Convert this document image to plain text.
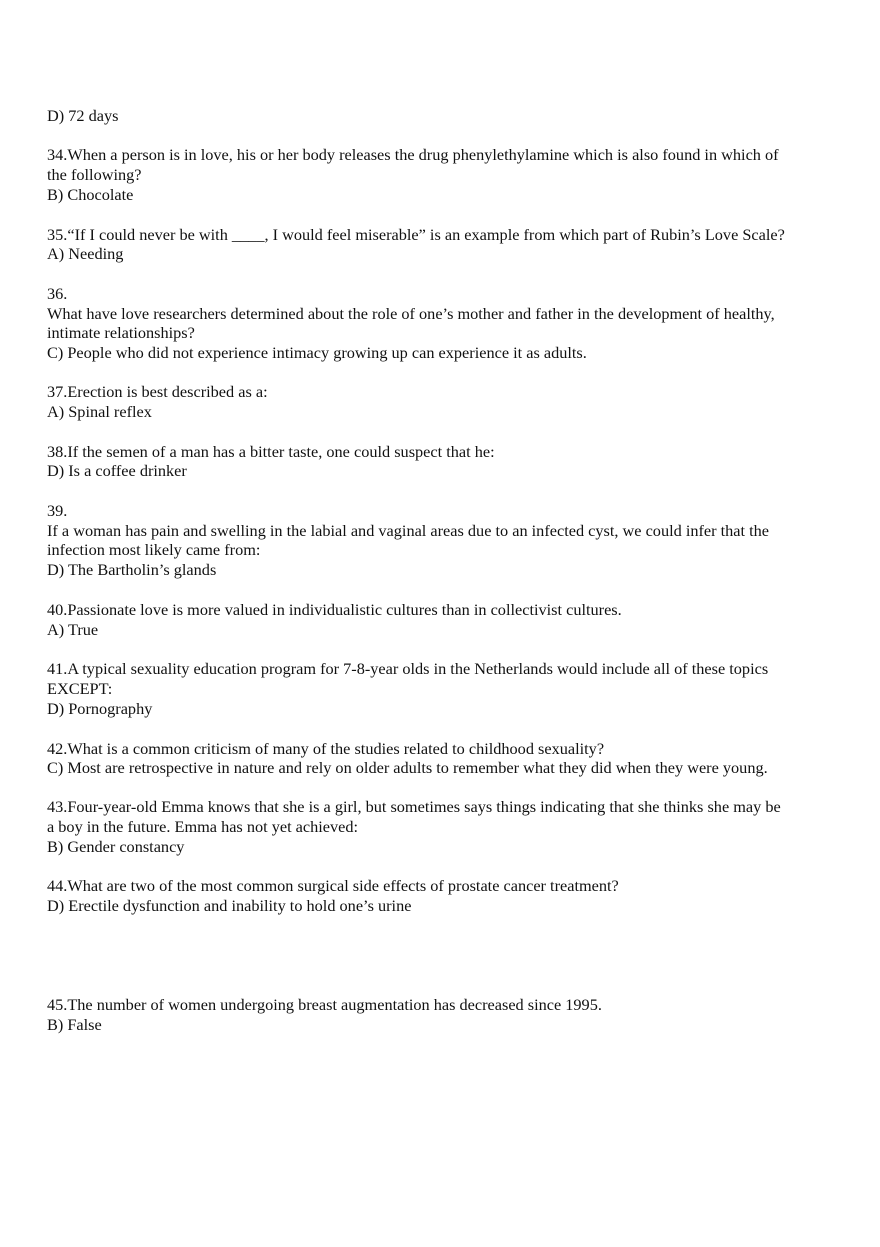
D) 72 days

34.When a person is in love, his or her body releases the drug phenylethylamine which is also found in which of

the following?

B) Chocolate

35.“If I could never be with ____, I would feel miserable” is an example from which part of Rubin’s Love Scale?

A) Needing

36.

What have love researchers determined about the role of one’s mother and father in the development of healthy,

intimate relationships?

C) People who did not experience intimacy growing up can experience it as adults.

37.Erection is best described as a:

A) Spinal reflex

38.If the semen of a man has a bitter taste, one could suspect that he:

D) Is a coffee drinker

39.

If a woman has pain and swelling in the labial and vaginal areas due to an infected cyst, we could infer that the

infection most likely came from:

D) The Bartholin’s glands

40.Passionate love is more valued in individualistic cultures than in collectivist cultures.

A) True

41.A typical sexuality education program for 7-8-year olds in the Netherlands would include all of these topics

EXCEPT:

D) Pornography

42.What is a common criticism of many of the studies related to childhood sexuality?

C) Most are retrospective in nature and rely on older adults to remember what they did when they were young.

43.Four-year-old Emma knows that she is a girl, but sometimes says things indicating that she thinks she may be

a boy in the future. Emma has not yet achieved:

B) Gender constancy

44.What are two of the most common surgical side effects of prostate cancer treatment?

D) Erectile dysfunction and inability to hold one’s urine

45.The number of women undergoing breast augmentation has decreased since 1995.

B) False
